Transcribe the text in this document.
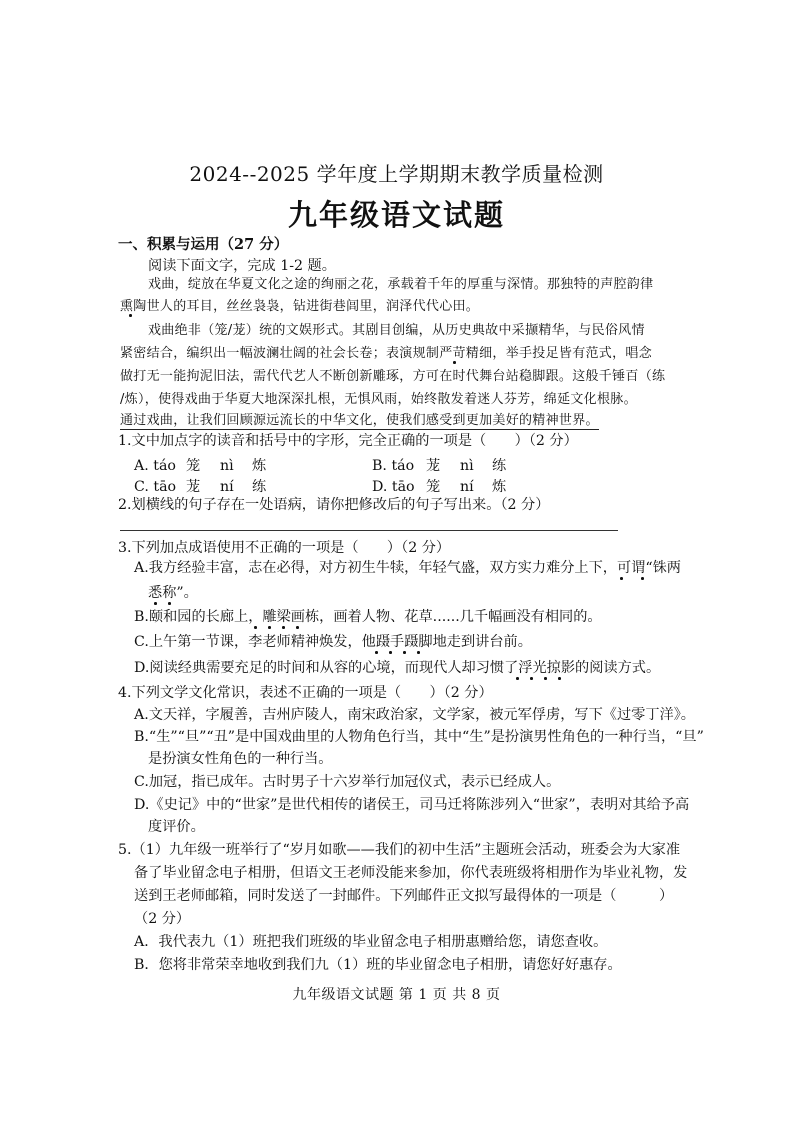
2024--2025 学年度上学期期末教学质量检测
九年级语文试题
一、积累与运用（27 分）
阅读下面文字，完成 1-2 题。
戏曲，绽放在华夏文化之途的绚丽之花，承载着千年的厚重与深情。那独特的声腔韵律
熏陶世人的耳目，丝丝袅袅，钻进街巷闾里，润泽代代心田。
戏曲绝非（笼/茏）统的文娱形式。其剧目创编，从历史典故中采撷精华，与民俗风情
紧密结合，编织出一幅波澜壮阔的社会长卷；表演规制严苛精细，举手投足皆有范式，唱念
做打无一能拘泥旧法，需代代艺人不断创新雕琢，方可在时代舞台站稳脚跟。这般千锤百（练
/炼），使得戏曲于华夏大地深深扎根，无惧风雨，始终散发着迷人芬芳，绵延文化根脉。
通过戏曲，让我们回顾源远流长的中华文化，使我们感受到更加美好的精神世界。
1.文中加点字的读音和括号中的字形，完全正确的一项是（　　）（2 分）
A. táo 笼 nì 炼	B. táo 茏 nì 练
C. tāo 茏 ní 练	D. tāo 笼 ní 炼
2.划横线的句子存在一处语病，请你把修改后的句子写出来。（2 分）
3.下列加点成语使用不正确的一项是（　　）（2 分）
A.我方经验丰富，志在必得，对方初生牛犊，年轻气盛，双方实力难分上下，可谓“铢两
悉称”。
B.颐和园的长廊上，雕梁画栋，画着人物、花草......几千幅画没有相同的。
C.上午第一节课，李老师精神焕发，他蹑手蹑脚地走到讲台前。
D.阅读经典需要充足的时间和从容的心境，而现代人却习惯了浮光掠影的阅读方式。
4.下列文学文化常识，表述不正确的一项是（　　）（2 分）
A.文天祥，字履善，吉州庐陵人，南宋政治家，文学家，被元军俘虏，写下《过零丁洋》。
B.“生”“旦”“丑”是中国戏曲里的人物角色行当，其中“生”是扮演男性角色的一种行当，“旦”
是扮演女性角色的一种行当。
C.加冠，指已成年。古时男子十六岁举行加冠仪式，表示已经成人。
D.《史记》中的“世家”是世代相传的诸侯王，司马迁将陈涉列入“世家”，表明对其给予高
度评价。
5.（1）九年级一班举行了“岁月如歌——我们的初中生活”主题班会活动，班委会为大家准
备了毕业留念电子相册，但语文王老师没能来参加，你代表班级将相册作为毕业礼物，发
送到王老师邮箱，同时发送了一封邮件。下列邮件正文拟写最得体的一项是（　　　）
（2 分）
A．我代表九（1）班把我们班级的毕业留念电子相册惠赠给您，请您查收。
B．您将非常荣幸地收到我们九（1）班的毕业留念电子相册，请您好好惠存。
九年级语文试题 第 1 页 共 8 页
